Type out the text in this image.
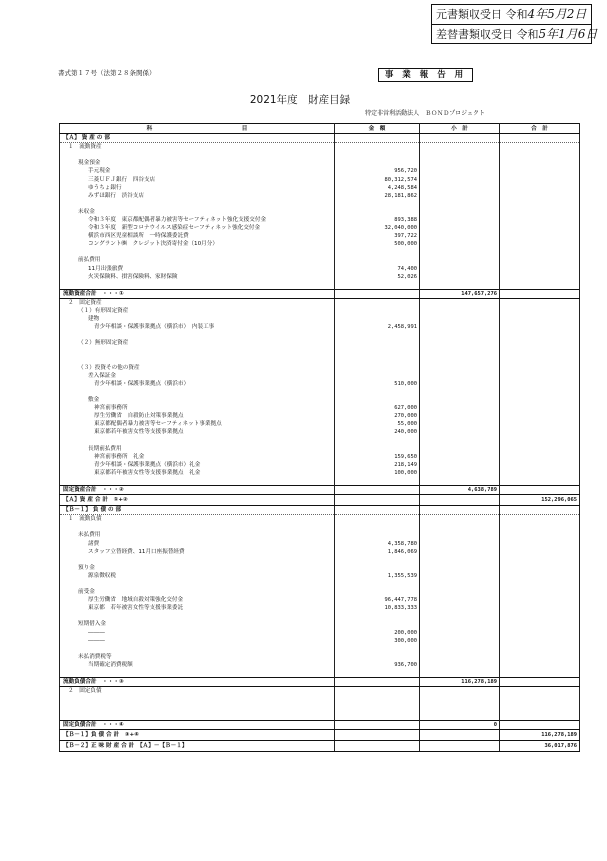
元書類収受日 令和4年5月2日
差替書類収受日 令和5年1月6日
書式第１７号（法第２８条関係）	事 業 報 告 用
2021年度　財産目録
特定非営利活動法人　ＢＯＮＤプロジェクト
科　　　　　　　　　　　　　　　　目	金　額	小　計	合　計
【Ａ】 資 産 の 部			
１　流動資産			

現金預金			
手元現金	956,720		
三菱ＵＦＪ銀行　四谷支店	80,312,574		
ゆうちょ銀行	4,248,584		
みずほ銀行　渋谷支店	28,181,862		

未収金			
令和３年度　東京都配偶者暴力被害等セーフティネット強化支援交付金	893,388		
令和３年度　新型コロナウイルス感染症セーフティネット強化交付金	32,040,000		
横浜市西区児童相談所　一時保護委託費	397,722		
コングラント㈱　クレジット決済寄付金（10月分）	500,000		

前払費用			
11月出張旅費	74,400		
火災保険料、損害保険料、家財保険	52,026		

流動資産合計　・・・①		147,657,276	
２　固定資産			
（１）有形固定資産			
建物			
青少年相談・保護事業拠点（横浜市）　内装工事	2,458,991		

（２）無形固定資産			

（３）投資その他の資産			
差入保証金			
青少年相談・保護事業拠点（横浜市）	510,000		

敷金			
神宮前事務所	627,000		
厚生労働省　自殺防止対策事業拠点	270,000		
東京都配偶者暴力被害等セーフティネット事業拠点	55,000		
東京都若年被害女性等支援事業拠点	240,000		

長期前払費用			
神宮前事務所　礼金	159,650		
青少年相談・保護事業拠点（横浜市）礼金	218,149		
東京都若年被害女性等支援事業拠点　礼金	100,000		

固定資産合計　・・・②		4,638,789	
【Ａ】資 産 合 計　①+②			152,296,065
【Ｂ－１】 負 債 の 部			
１　流動負債			

未払費用			
諸費	4,358,780		
スタッフ立替経費、11月口座振替経費	1,846,069		

預り金			
源泉徴収税	1,355,539		

前受金			
厚生労働省　地域自殺対策強化交付金	96,447,778		
東京都　若年被害女性等支援事業委託	10,833,333		

短期借入金			
―――	200,000		
―――	300,000		

未払消費税等			
当期確定消費税額	936,700		

流動負債合計　・・・③		116,278,189	
２　固定負債			

固定負債合計　・・・④		0	
【Ｂ－１】負 債 合 計　③+④			116,278,189
【Ｂ－２】正 味 財 産 合 計　【Ａ】－【Ｂ－１】			36,017,876
